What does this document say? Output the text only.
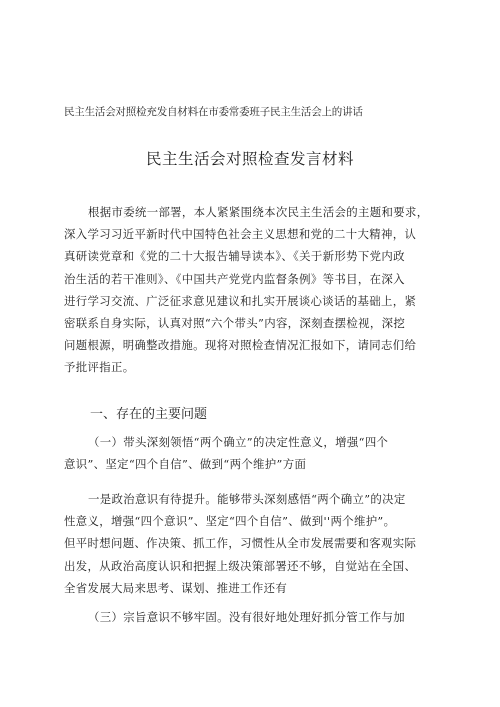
民主生活会对照检充发自材料在市委常委班子民主生活会上的讲话
民主生活会对照检查发言材料
根据市委统一部署，本人紧紧围绕本次民主生活会的主题和要求，
深入学习习近平新时代中国特色社会主义思想和党的二十大精神，认
真研读党章和《党的二十大报告辅导读本》、《关于新形势下党内政
治生活的若干准则》、《中国共产党党内监督条例》等书目，在深入
进行学习交流、广泛征求意见建议和扎实开展谈心谈话的基础上，紧
密联系自身实际，认真对照“六个带头”内容，深刻查摆检视，深挖
问题根源，明确整改措施。现将对照检查情况汇报如下，请同志们给
予批评指正。
一、存在的主要问题
（一）带头深刻领悟“两个确立”的决定性意义，增强“四个
意识”、坚定“四个自信”、做到“两个维护”方面
一是政治意识有待提升。能够带头深刻感悟“两个确立”的决定
性意义，增强“四个意识”、坚定“四个自信”、做到''两个维护”。
但平时想问题、作决策、抓工作，习惯性从全市发展需要和客观实际
出发，从政治高度认识和把握上级决策部署还不够，自觉站在全国、
全省发展大局来思考、谋划、推进工作还有
（三）宗旨意识不够牢固。没有很好地处理好抓分管工作与加
